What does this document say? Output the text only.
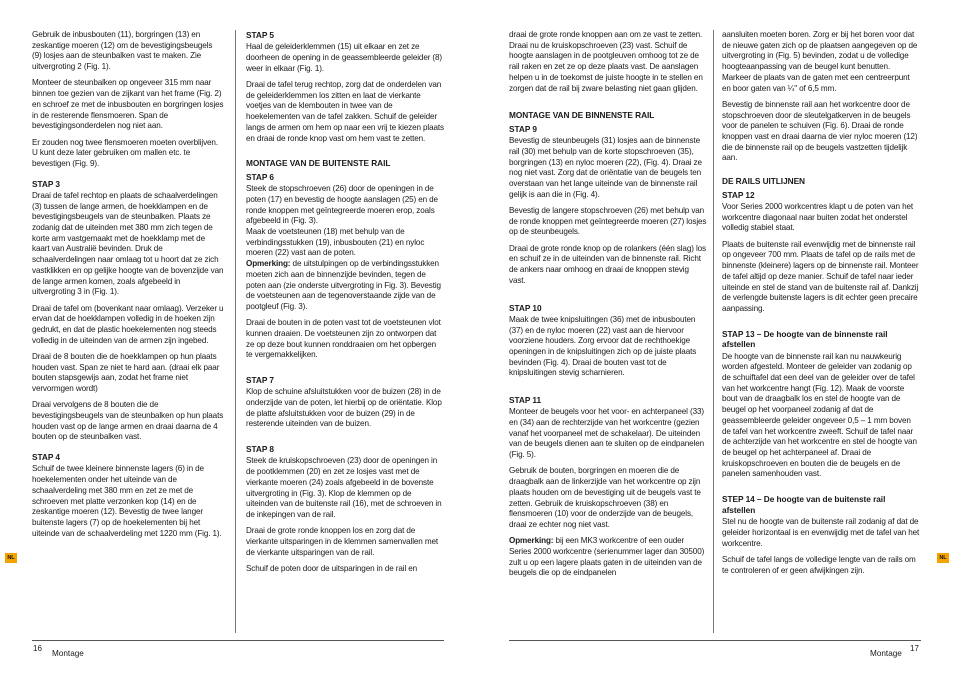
Gebruik de inbusbouten (11), borgringen (13) en zeskantige moeren (12) om de bevestigingsbeugels (9) losjes aan de steunbalken vast te maken. Zie uitvergroting 2 (Fig. 1).

Monteer de steunbalken op ongeveer 315 mm naar binnen toe gezien van de zijkant van het frame (Fig. 2) en schroef ze met de inbusbouten en borgringen losjes in de resterende flensmoeren. Span de bevestigingsonderdelen nog niet aan.

Er zouden nog twee flensmoeren moeten overblijven. U kunt deze later gebruiken om mallen etc. te bevestigen (Fig. 9).

STAP 3

Draai de tafel rechtop en plaats de schaalverdelingen (3) tussen de lange armen, de hoekklampen en de bevestigingsbeugels van de steunbalken. Plaats ze zodanig dat de uiteinden met 380 mm zich tegen de korte arm vastgemaakt met de hoekklamp met de kaart van Australië bevinden. Druk de schaalverdelingen naar omlaag tot u hoort dat ze zich vastklikken en op gelijke hoogte van de bovenzijde van de lange armen komen, zoals afgebeeld in uitvergroting 3 in (Fig. 1).

Draai de tafel om (bovenkant naar omlaag). Verzeker u ervan dat de hoekklampen volledig in de hoeken zijn gedrukt, en dat de plastic hoekelementen nog steeds volledig in de uiteinden van de armen zijn ingebed.

Draai de 8 bouten die de hoekklampen op hun plaats houden vast. Span ze niet te hard aan. (draai elk paar bouten stapsgewijs aan, zodat het frame niet vervormgen wordt)

Draai vervolgens de 8 bouten die de bevestigingsbeugels van de steunbalken op hun plaats houden vast op de lange armen en draai daarna de 4 bouten op de steunbalken vast.

STAP 4

Schuif de twee kleinere binnenste lagers (6) in de hoekelementen onder het uiteinde van de schaalverdeling met 380 mm en zet ze met de schroeven met platte verzonken kop (14) en de zeskantige moeren (12). Bevestig de twee langer buitenste lagers (7) op de hoekelementen bij het uiteinde van de schaalverdeling met 1220 mm (Fig. 1).

STAP 5

Haal de geleiderklemmen (15) uit elkaar en zet ze doorheen de opening in de geassembleerde geleider (8) weer in elkaar (Fig. 1).

Draai de tafel terug rechtop, zorg dat de onderdelen van de geleiderklemmen los zitten en laat de vierkante voetjes van de klembouten in twee van de hoekelementen van de tafel zakken. Schuif de geleider langs de armen om hem op naar een vrij te kiezen plaats en draai de ronde knop vast om hem vast te zetten.

MONTAGE VAN DE BUITENSTE RAIL
STAP 6

Steek de stopschroeven (26) door de openingen in de poten (17) en bevestig de hoogte aanslagen (25) en de ronde knoppen met geïntegreerde moeren erop, zoals afgebeeld in (Fig. 3).

Maak de voetsteunen (18) met behulp van de verbindingsstukken (19), inbusbouten (21) en nyloc moeren (22) vast aan de poten.

Opmerking: de uitstulpingen op de verbindingsstukken moeten zich aan de binnenzijde bevinden, tegen de poten aan (zie onderste uitvergroting in Fig. 3). Bevestig de voetsteunen aan de tegenoverstaande zijde van de pootgleuf (Fig. 3).

Draai de bouten in de poten vast tot de voetsteunen vlot kunnen draaien. De voetsteunen zijn zo ontworpen dat ze op deze bout kunnen ronddraaien om het opbergen te vergemakkelijken.

STAP 7

Klop de schuine afsluitstukken voor de buizen (28) in de onderzijde van de poten, let hierbij op de oriëntatie. Klop de platte afsluitstukken voor de buizen (29) in de resterende uiteinden van de buizen.

STAP 8

Steek de kruiskopschroeven (23) door de openingen in de pootklemmen (20) en zet ze losjes vast met de vierkante moeren (24) zoals afgebeeld in de bovenste uitvergroting in (Fig. 3). Klop de klemmen op de uiteinden van de buitenste rail (16), met de schroeven in de inkepingen van de rail.

Draai de grote ronde knoppen los en zorg dat de vierkante uitsparingen in de klemmen samenvallen met de vierkante uitsparingen van de rail.

Schuif de poten door de uitsparingen in de rail en

draai de grote ronde knoppen aan om ze vast te zetten. Draai nu de kruiskopschroeven (23) vast. Schuif de hoogte aanslagen in de pootgleuven omhoog tot ze de rail raken en zet ze op deze plaats vast. De aanslagen helpen u in de toekomst de juiste hoogte in te stellen en zorgen dat de rail bij zware belasting niet gaan glijden.

MONTAGE VAN DE BINNENSTE RAIL
STAP 9

Bevestig de steunbeugels (31) losjes aan de binnenste rail (30) met behulp van de korte stopschroeven (35), borgringen (13) en nyloc moeren (22), (Fig. 4). Draai ze nog niet vast. Zorg dat de oriëntatie van de beugels ten overstaan van het lange uiteinde van de binnenste rail gelijk is aan die in (Fig. 4).

Bevestig de langere stopschroeven (26) met behulp van de ronde knoppen met geïntegreerde moeren (27) losjes op de steunbeugels.

Draai de grote ronde knop op de rolankers (één slag) los en schuif ze in de uiteinden van de binnenste rail. Richt de ankers naar omhoog en draai de knoppen stevig vast.

STAP 10

Maak de twee knipsluitingen (36) met de inbusbouten (37) en de nyloc moeren (22) vast aan de hiervoor voorziene houders. Zorg ervoor dat de rechthoekige openingen in de knipsluitingen zich op de juiste plaats bevinden (Fig. 4). Draai de bouten vast tot de knipsluitingen stevig scharnieren.

STAP 11

Monteer de beugels voor het voor- en achterpaneel (33) en (34) aan de rechterzijde van het workcentre (gezien vanaf het voorpaneel met de schakelaar). De uiteinden van de beugels dienen aan te sluiten op de eindpanelen (Fig. 5).

Gebruik de bouten, borgringen en moeren die de draagbalk aan de linkerzijde van het workcentre op zijn plaats houden om de bevestiging uit de beugels vast te zetten. Gebruik de kruiskopschroeven (38) en flensmoeren (10) voor de onderzijde van de beugels, draai ze echter nog niet vast.

Opmerking: bij een MK3 workcentre of een ouder Series 2000 workcentre (serienummer lager dan 30500) zult u op een lagere plaats gaten in de uiteinden van de beugels die op de eindpanelen

aansluiten moeten boren. Zorg er bij het boren voor dat de nieuwe gaten zich op de plaatsen aangegeven op de uitvergroting in (Fig. 5) bevinden, zodat u de volledige hoogteaanpassing van de beugel kunt benutten. Markeer de plaats van de gaten met een centreerpunt en boor gaten van ¼" of 6,5 mm.

Bevestig de binnenste rail aan het workcentre door de stopschroeven door de sleutelgatkerven in de beugels voor de panelen te schuiven (Fig. 6). Draai de ronde knoppen vast en draai daarna de vier nyloc moeren (12) die de binnenste rail op de beugels vastzetten tijdelijk aan.

DE RAILS UITLIJNEN
STAP 12

Voor Series 2000 workcentres klapt u de poten van het workcentre diagonaal naar buiten zodat het onderstel volledig stabiel staat.

Plaats de buitenste rail evenwijdig met de binnenste rail op ongeveer 700 mm. Plaats de tafel op de rails met de binnenste (kleinere) lagers op de binnenste rail. Monteer de tafel altijd op deze manier. Schuif de tafel naar ieder uiteinde en stel de stand van de buitenste rail af. Dankzij de verlengde buitenste lagers is dit echter geen precaire aanpassing.

STAP 13 – De hoogte van de binnenste rail afstellen

De hoogte van de binnenste rail kan nu nauwkeurig worden afgesteld. Monteer de geleider van zodanig op de schuiftafel dat een deel van de geleider over de tafel van het workcentre hangt (Fig. 12). Maak de voorste bout van de draagbalk los en stel de hoogte van de beugel op het voorpaneel zodanig af dat de geassembleerde geleider ongeveer 0,5 – 1 mm boven de tafel van het workcentre zweeft. Schuif de tafel naar de achterzijde van het workcentre en stel de hoogte van de beugel op het achterpaneel af. Draai de kruiskopschroeven en bouten die de beugels en de panelen samenhouden vast.

STEP 14 – De hoogte van de buitenste rail afstellen

Stel nu de hoogte van de buitenste rail zodanig af dat de geleider horizontaal is en evenwijdig met de tafel van het workcentre.

Schuif de tafel langs de volledige lengte van de rails om te controleren of er geen afwijkingen zijn.

NL	NL
16
Montage	Montage
17
